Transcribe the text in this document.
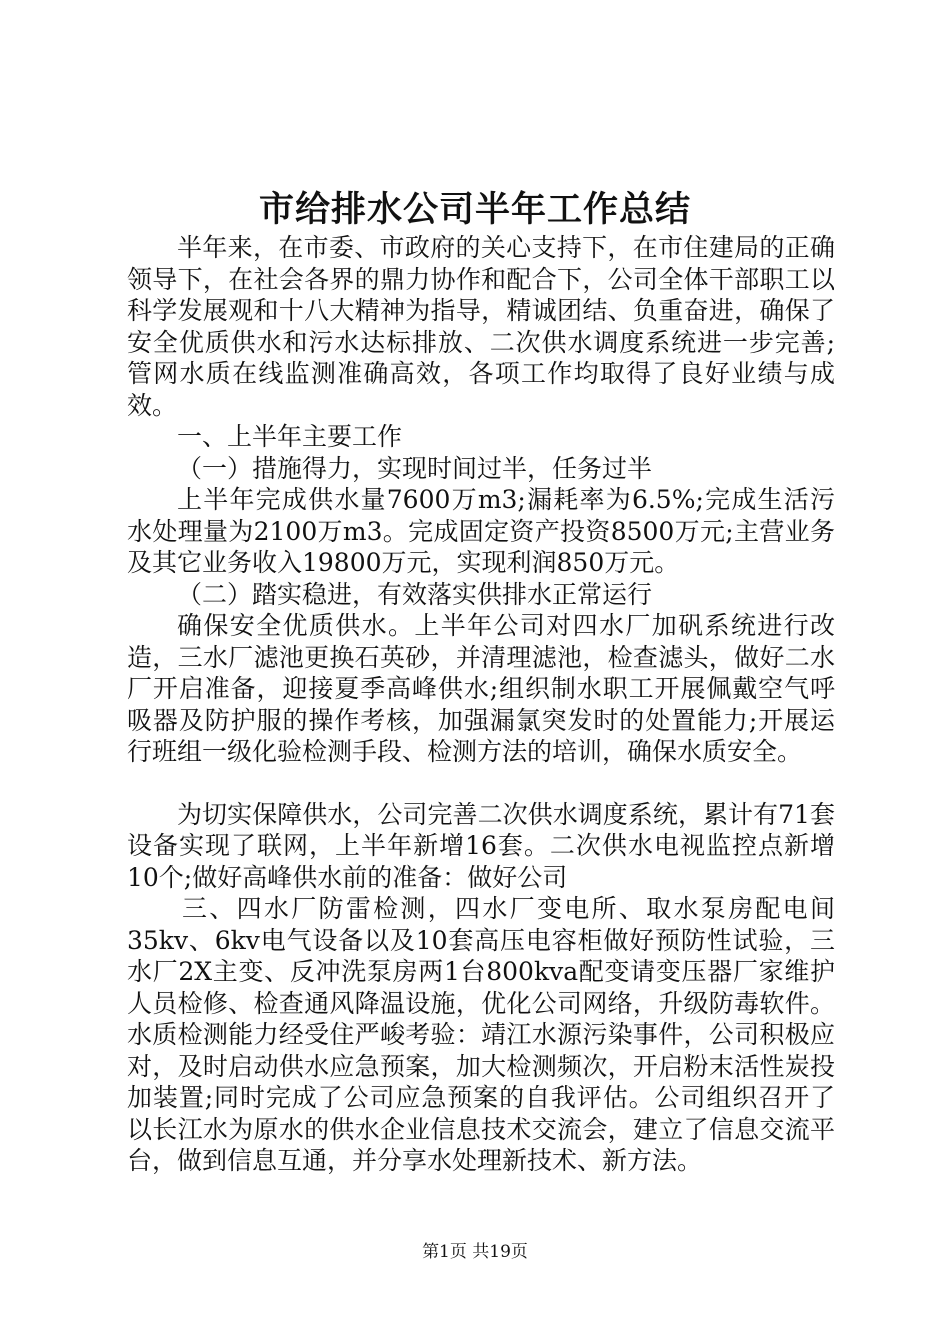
市给排水公司半年工作总结

半年来，在市委、市政府的关心支持下，在市住建局的正确领导下，在社会各界的鼎力协作和配合下，公司全体干部职工以科学发展观和十八大精神为指导，精诚团结、负重奋进，确保了安全优质供水和污水达标排放、二次供水调度系统进一步完善;管网水质在线监测准确高效，各项工作均取得了良好业绩与成效。

一、上半年主要工作

（一）措施得力，实现时间过半，任务过半

上半年完成供水量7600万m3;漏耗率为6.5%;完成生活污水处理量为2100万m3。完成固定资产投资8500万元;主营业务及其它业务收入19800万元，实现利润850万元。

（二）踏实稳进，有效落实供排水正常运行

确保安全优质供水。上半年公司对四水厂加矾系统进行改造，三水厂滤池更换石英砂，并清理滤池，检查滤头，做好二水厂开启准备，迎接夏季高峰供水;组织制水职工开展佩戴空气呼吸器及防护服的操作考核，加强漏氯突发时的处置能力;开展运行班组一级化验检测手段、检测方法的培训，确保水质安全。

为切实保障供水，公司完善二次供水调度系统，累计有71套设备实现了联网，上半年新增16套。二次供水电视监控点新增10个;做好高峰供水前的准备：做好公司

三、四水厂防雷检测，四水厂变电所、取水泵房配电间35kv、6kv电气设备以及10套高压电容柜做好预防性试验，三水厂2X主变、反冲洗泵房两1台800kva配变请变压器厂家维护人员检修、检查通风降温设施，优化公司网络，升级防毒软件。水质检测能力经受住严峻考验：靖江水源污染事件，公司积极应对，及时启动供水应急预案，加大检测频次，开启粉末活性炭投加装置;同时完成了公司应急预案的自我评估。公司组织召开了以长江水为原水的供水企业信息技术交流会，建立了信息交流平台，做到信息互通，并分享水处理新技术、新方法。

第1页 共19页
